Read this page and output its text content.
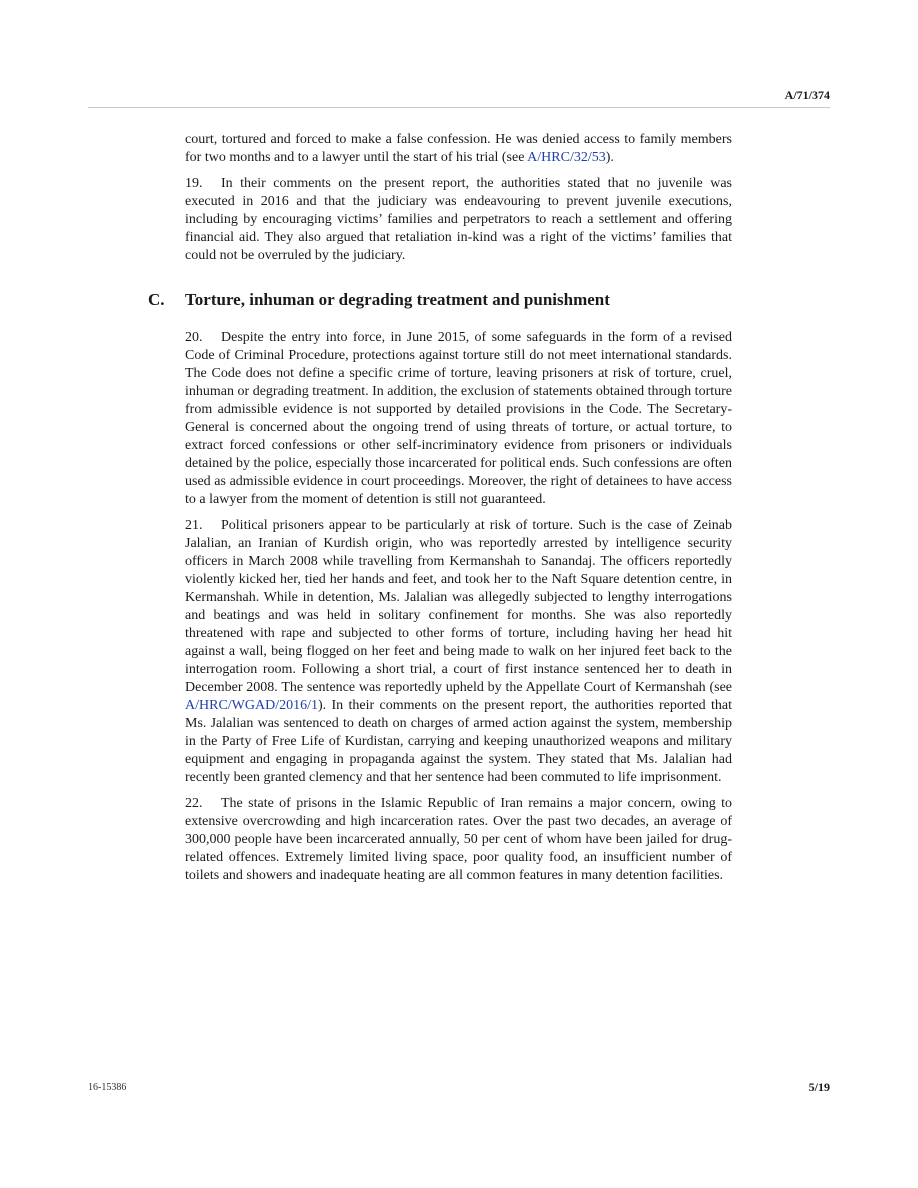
A/71/374

court, tortured and forced to make a false confession. He was denied access to family members for two months and to a lawyer until the start of his trial (see A/HRC/32/53).

19. In their comments on the present report, the authorities stated that no juvenile was executed in 2016 and that the judiciary was endeavouring to prevent juvenile executions, including by encouraging victims’ families and perpetrators to reach a settlement and offering financial aid. They also argued that retaliation in-kind was a right of the victims’ families that could not be overruled by the judiciary.

C.	Torture, inhuman or degrading treatment and punishment

20. Despite the entry into force, in June 2015, of some safeguards in the form of a revised Code of Criminal Procedure, protections against torture still do not meet international standards. The Code does not define a specific crime of torture, leaving prisoners at risk of torture, cruel, inhuman or degrading treatment. In addition, the exclusion of statements obtained through torture from admissible evidence is not supported by detailed provisions in the Code. The Secretary-General is concerned about the ongoing trend of using threats of torture, or actual torture, to extract forced confessions or other self-incriminatory evidence from prisoners or individuals detained by the police, especially those incarcerated for political ends. Such confessions are often used as admissible evidence in court proceedings. Moreover, the right of detainees to have access to a lawyer from the moment of detention is still not guaranteed.

21. Political prisoners appear to be particularly at risk of torture. Such is the case of Zeinab Jalalian, an Iranian of Kurdish origin, who was reportedly arrested by intelligence security officers in March 2008 while travelling from Kermanshah to Sanandaj. The officers reportedly violently kicked her, tied her hands and feet, and took her to the Naft Square detention centre, in Kermanshah. While in detention, Ms. Jalalian was allegedly subjected to lengthy interrogations and beatings and was held in solitary confinement for months. She was also reportedly threatened with rape and subjected to other forms of torture, including having her head hit against a wall, being flogged on her feet and being made to walk on her injured feet back to the interrogation room. Following a short trial, a court of first instance sentenced her to death in December 2008. The sentence was reportedly upheld by the Appellate Court of Kermanshah (see A/HRC/WGAD/2016/1). In their comments on the present report, the authorities reported that Ms. Jalalian was sentenced to death on charges of armed action against the system, membership in the Party of Free Life of Kurdistan, carrying and keeping unauthorized weapons and military equipment and engaging in propaganda against the system. They stated that Ms. Jalalian had recently been granted clemency and that her sentence had been commuted to life imprisonment.

22. The state of prisons in the Islamic Republic of Iran remains a major concern, owing to extensive overcrowding and high incarceration rates. Over the past two decades, an average of 300,000 people have been incarcerated annually, 50 per cent of whom have been jailed for drug-related offences. Extremely limited living space, poor quality food, an insufficient number of toilets and showers and inadequate heating are all common features in many detention facilities.

16-15386	5/19
